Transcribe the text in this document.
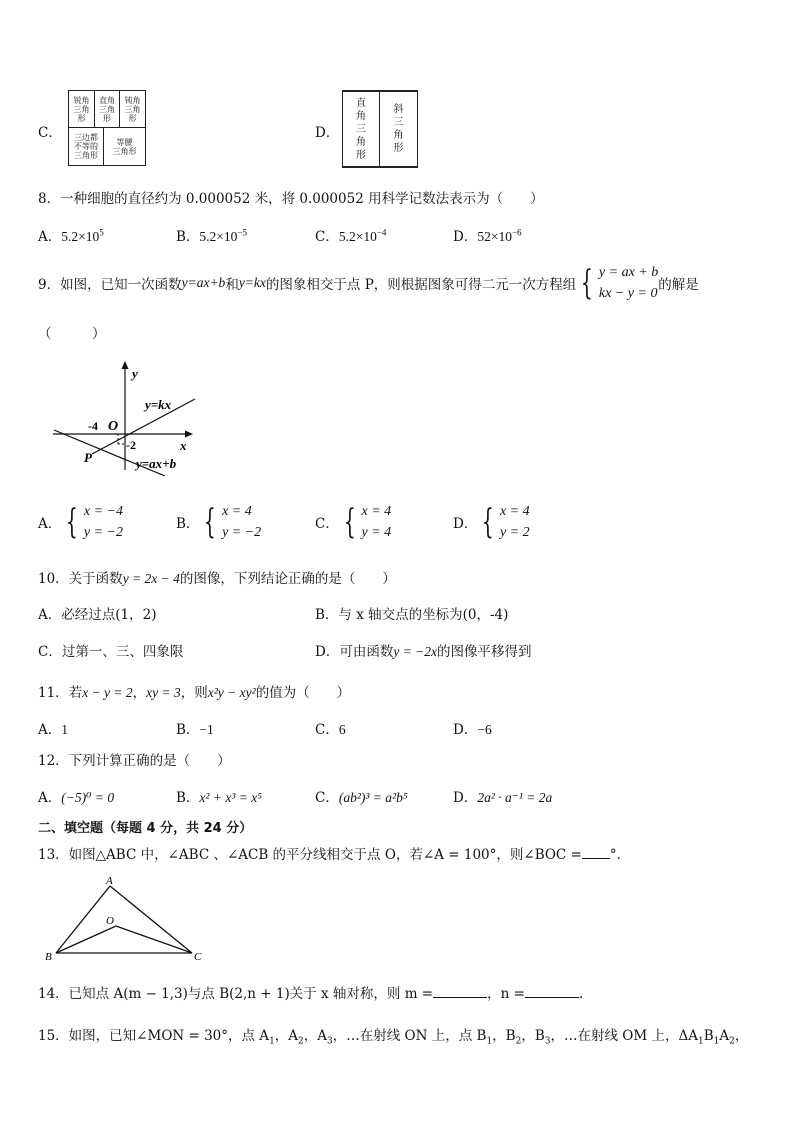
C．
锐角
三角
形
直角
三角
形
钝角
三角
形
三边都
不等的
三角形
等腰
三角形
D．
直
角
三
角
形
斜
三
角
形
8．一种细胞的直径约为 0.000052 米，将 0.000052 用科学记数法表示为（　　）
A．$5.2\times 10^5$	B．$5.2\times 10^{-5}$	C．$5.2\times 10^{-4}$	D．$52\times 10^{-6}$
9．如图，已知一次函数 y=ax+b 和 y=kx 的图象相交于点 P，则根据图象可得二元一次方程组 { y = ax + b
kx − y = 0
的解是
（　　　）
y
x
y=kx
y=ax+b
O
P
-4
-2
A． { x = −4
y = −2
B． { x = 4
y = −2
C． { x = 4
y = 4
D． { x = 4
y = 2
10．关于函数y = 2x − 4的图像，下列结论正确的是（　　）
A．必经过点(1，2)	B．与 x 轴交点的坐标为(0，-4)
C．过第一、三、四象限	D．可由函数y = −2x的图像平移得到
11．若x − y = 2，xy = 3，则x²y − xy²的值为（　　）
A．1	B．−1	C．6	D．−6
12．下列计算正确的是（　　）
A．(−5)⁰ = 0	B．x² + x³ = x⁵	C．(ab²)³ = a²b⁵	D．2a² · a⁻¹ = 2a
二、填空题（每题 4 分，共 24 分）
13．如图△ABC 中，∠ABC 、∠ACB 的平分线相交于点 O，若∠A = 100°，则∠BOC = °．
A
B	C
O
14．已知点 A(m − 1,3)与点 B(2,n + 1)关于 x 轴对称，则 m =	，n =	.
15．如图，已知∠MON = 30°，点 $A_1$，$A_2$，$A_3$，…在射线 ON 上，点 $B_1$，$B_2$，$B_3$，…在射线 OM 上，$\Delta A_1B_1A_2$，
